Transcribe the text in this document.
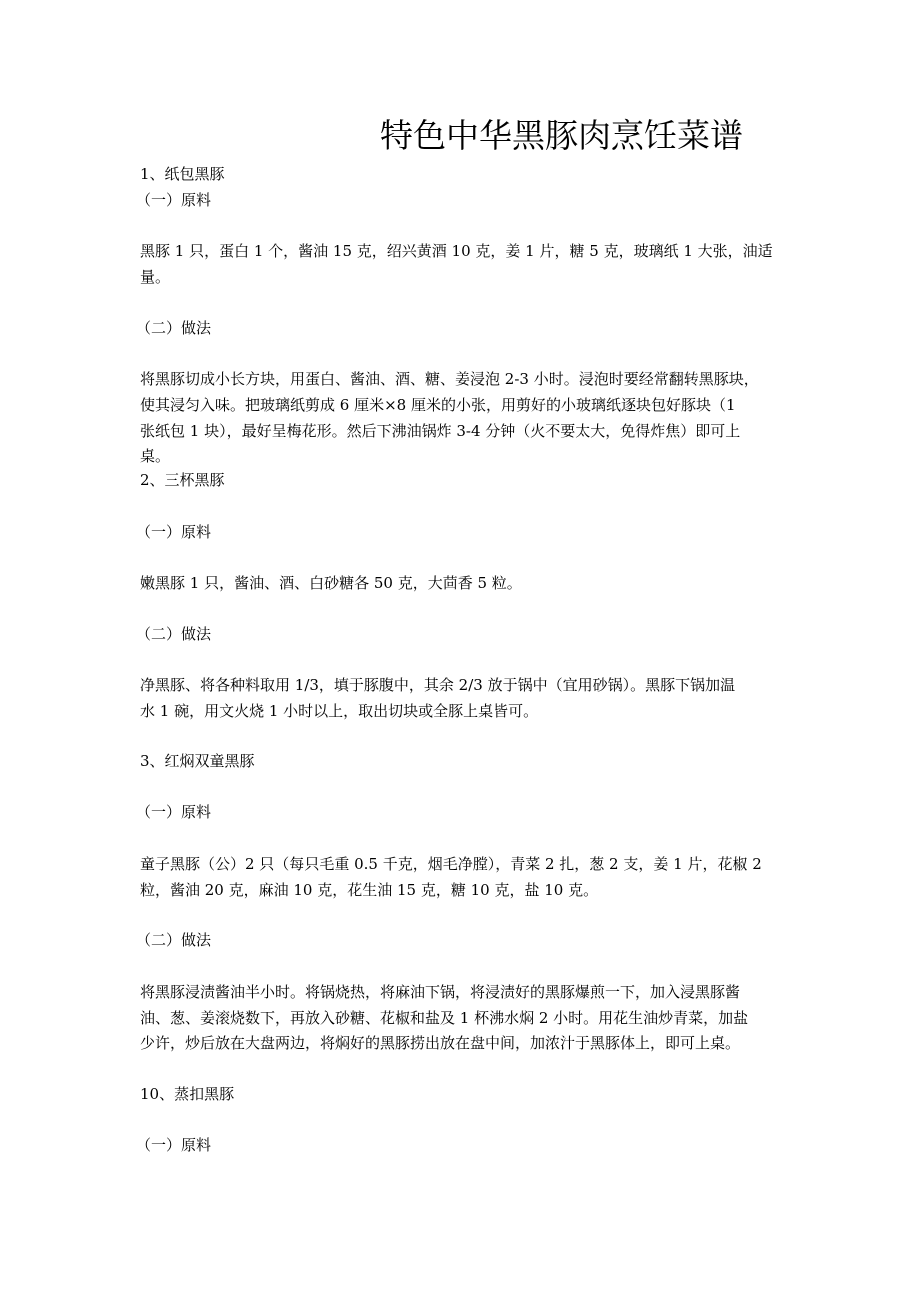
特色中华黑豚肉烹饪菜谱
1、纸包黑豚
（一）原料
黑豚 1 只，蛋白 1 个，酱油 15 克，绍兴黄酒 10 克，姜 1 片，糖 5 克，玻璃纸 1 大张，油适
量。
（二）做法
将黑豚切成小长方块，用蛋白、酱油、酒、糖、姜浸泡 2-3 小时。浸泡时要经常翻转黑豚块，
使其浸匀入味。把玻璃纸剪成 6 厘米×8 厘米的小张，用剪好的小玻璃纸逐块包好豚块（1
张纸包 1 块），最好呈梅花形。然后下沸油锅炸 3-4 分钟（火不要太大，免得炸焦）即可上
桌。
2、三杯黑豚
（一）原料
嫩黑豚 1 只，酱油、酒、白砂糖各 50 克，大茴香 5 粒。
（二）做法
净黑豚、将各种料取用 1/3，填于豚腹中，其余 2/3 放于锅中（宜用砂锅）。黑豚下锅加温
水 1 碗，用文火烧 1 小时以上，取出切块或全豚上桌皆可。
3、红焖双童黑豚
（一）原料
童子黑豚（公）2 只（每只毛重 0.5 千克，烟毛净膛），青菜 2 扎，葱 2 支，姜 1 片，花椒 2
粒，酱油 20 克，麻油 10 克，花生油 15 克，糖 10 克，盐 10 克。
（二）做法
将黑豚浸渍酱油半小时。将锅烧热，将麻油下锅，将浸渍好的黑豚爆煎一下，加入浸黑豚酱
油、葱、姜滚烧数下，再放入砂糖、花椒和盐及 1 杯沸水焖 2 小时。用花生油炒青菜，加盐
少许，炒后放在大盘两边，将焖好的黑豚捞出放在盘中间，加浓汁于黑豚体上，即可上桌。
10、蒸扣黑豚
（一）原料
